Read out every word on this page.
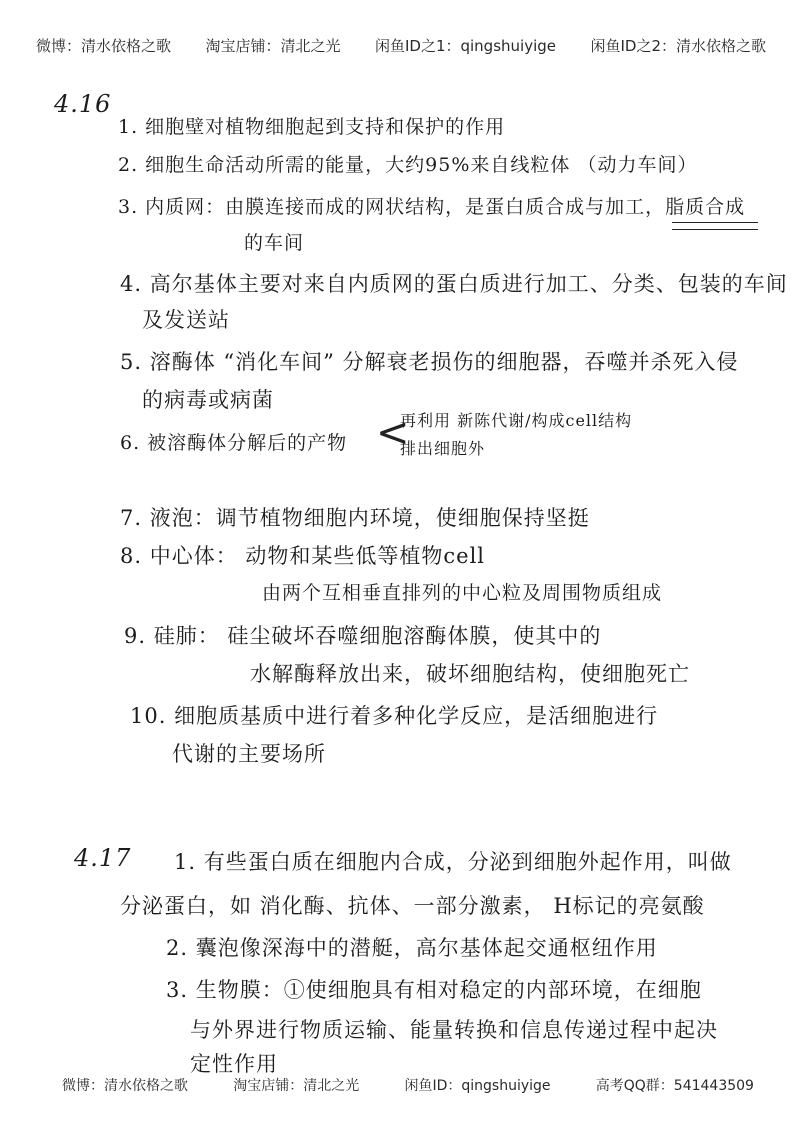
微博：清水依格之歌 淘宝店铺：清北之光 闲鱼ID之1：qingshuiyige 闲鱼ID之2：清水依格之歌
4.16
1. 细胞壁对植物细胞起到支持和保护的作用
2. 细胞生命活动所需的能量，大约95%来自线粒体 （动力车间）
3. 内质网：由膜连接而成的网状结构，是蛋白质合成与加工，脂质合成
的车间
4. 高尔基体主要对来自内质网的蛋白质进行加工、分类、包装的车间
及发送站
5. 溶酶体 “消化车间” 分解衰老损伤的细胞器，吞噬并杀死入侵
的病毒或病菌
6. 被溶酶体分解后的产物 <
再利用 新陈代谢/构成cell结构
排出细胞外
7. 液泡：调节植物细胞内环境，使细胞保持坚挺
8. 中心体： 动物和某些低等植物cell
由两个互相垂直排列的中心粒及周围物质组成
9. 硅肺： 硅尘破坏吞噬细胞溶酶体膜，使其中的
水解酶释放出来，破坏细胞结构，使细胞死亡
10. 细胞质基质中进行着多种化学反应，是活细胞进行
代谢的主要场所
4.17 1. 有些蛋白质在细胞内合成，分泌到细胞外起作用，叫做
分泌蛋白，如 消化酶、抗体、一部分激素， H标记的亮氨酸
2. 囊泡像深海中的潜艇，高尔基体起交通枢纽作用
3. 生物膜：①使细胞具有相对稳定的内部环境，在细胞
与外界进行物质运输、能量转换和信息传递过程中起决
定性作用
微博：清水依格之歌	淘宝店铺：清北之光	闲鱼ID：qingshuiyige	高考QQ群：541443509
